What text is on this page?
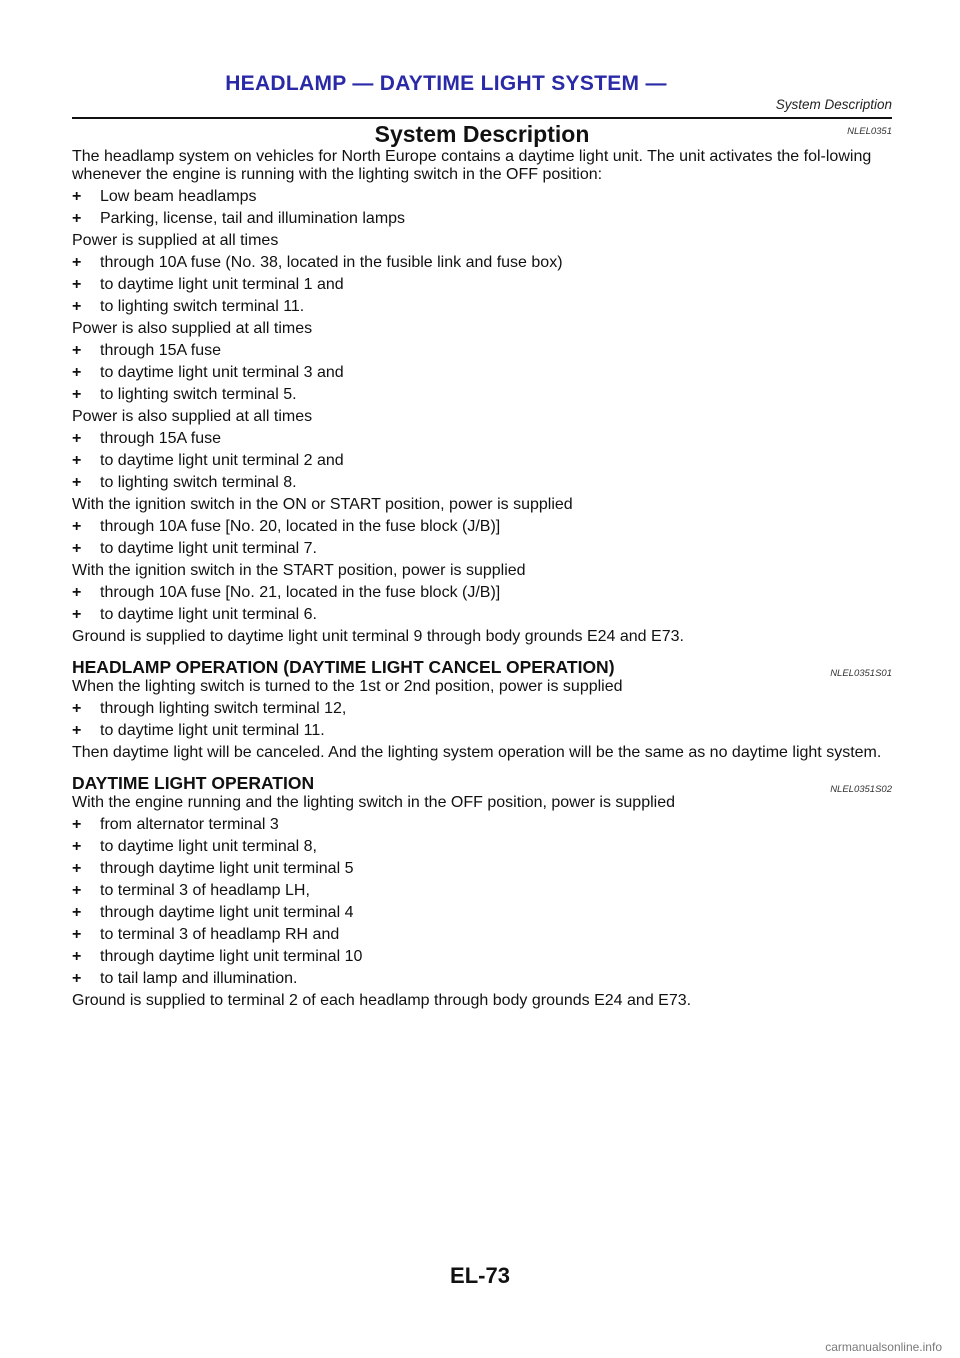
HEADLAMP — DAYTIME LIGHT SYSTEM —
System Description
System Description	NLEL0351

The headlamp system on vehicles for North Europe contains a daytime light unit. The unit activates the fol-lowing whenever the engine is running with the lighting switch in the OFF position:

+ Low beam headlamps
+ Parking, license, tail and illumination lamps

Power is supplied at all times

+ through 10A fuse (No. 38, located in the fusible link and fuse box)
+ to daytime light unit terminal 1 and
+ to lighting switch terminal 11.

Power is also supplied at all times

+ through 15A fuse
+ to daytime light unit terminal 3 and
+ to lighting switch terminal 5.

Power is also supplied at all times

+ through 15A fuse
+ to daytime light unit terminal 2 and
+ to lighting switch terminal 8.

With the ignition switch in the ON or START position, power is supplied

+ through 10A fuse [No. 20, located in the fuse block (J/B)]
+ to daytime light unit terminal 7.

With the ignition switch in the START position, power is supplied

+ through 10A fuse [No. 21, located in the fuse block (J/B)]
+ to daytime light unit terminal 6.

Ground is supplied to daytime light unit terminal 9 through body grounds E24 and E73.

HEADLAMP OPERATION (DAYTIME LIGHT CANCEL OPERATION)	NLEL0351S01

When the lighting switch is turned to the 1st or 2nd position, power is supplied

+ through lighting switch terminal 12,
+ to daytime light unit terminal 11.

Then daytime light will be canceled. And the lighting system operation will be the same as no daytime light system.

DAYTIME LIGHT OPERATION	NLEL0351S02

With the engine running and the lighting switch in the OFF position, power is supplied

+ from alternator terminal 3
+ to daytime light unit terminal 8,
+ through daytime light unit terminal 5
+ to terminal 3 of headlamp LH,
+ through daytime light unit terminal 4
+ to terminal 3 of headlamp RH and
+ through daytime light unit terminal 10
+ to tail lamp and illumination.

Ground is supplied to terminal 2 of each headlamp through body grounds E24 and E73.

EL-73
carmanualsonline.info
